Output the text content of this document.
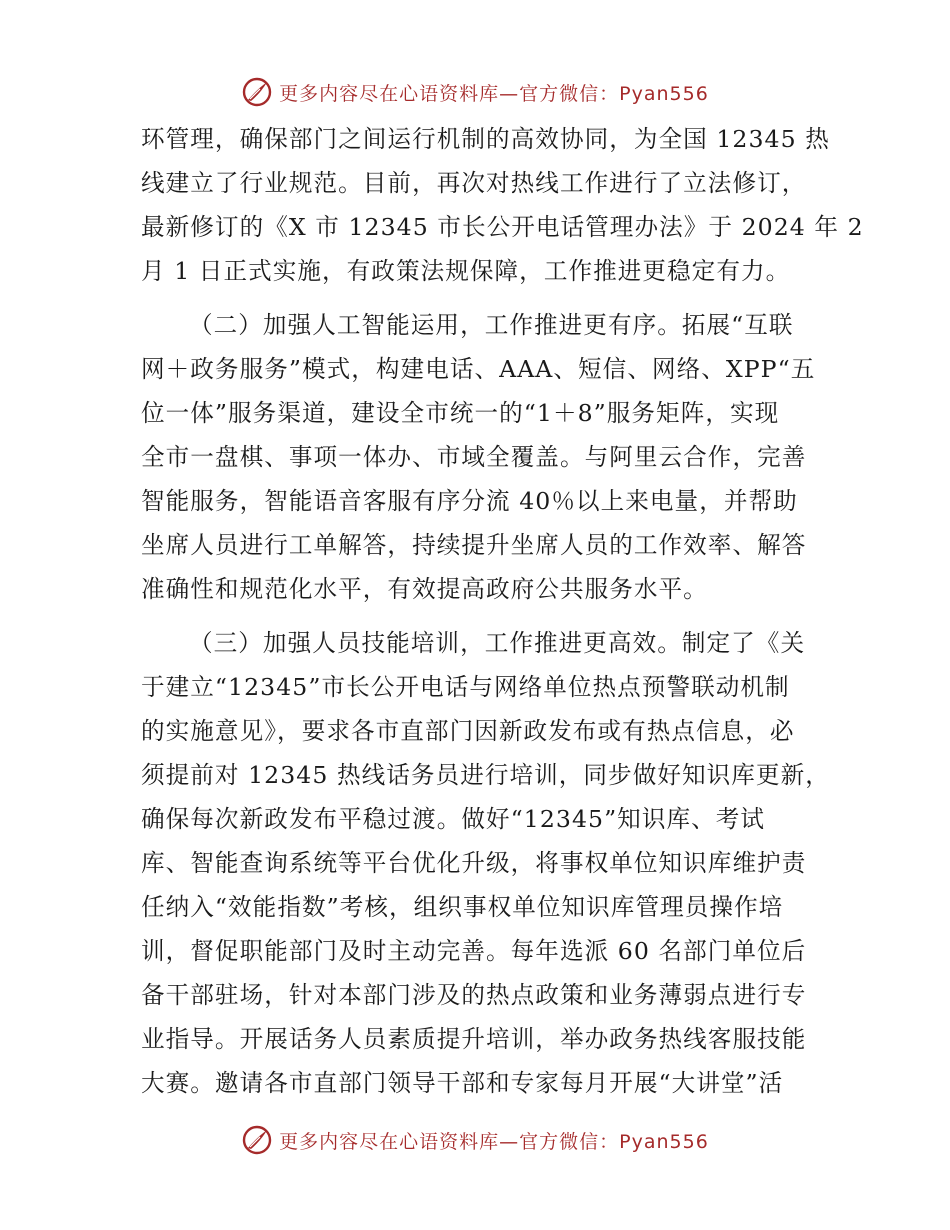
更多内容尽在心语资料库—官方微信：Pyan556
环管理，确保部门之间运行机制的高效协同，为全国 12345 热
线建立了行业规范。目前，再次对热线工作进行了立法修订，
最新修订的《X 市 12345 市长公开电话管理办法》于 2024 年 2
月 1 日正式实施，有政策法规保障，工作推进更稳定有力。
（二）加强人工智能运用，工作推进更有序。拓展“互联
网＋政务服务”模式，构建电话、AAA、短信、网络、XPP“五
位一体”服务渠道，建设全市统一的“1＋8”服务矩阵，实现
全市一盘棋、事项一体办、市域全覆盖。与阿里云合作，完善
智能服务，智能语音客服有序分流 40％以上来电量，并帮助
坐席人员进行工单解答，持续提升坐席人员的工作效率、解答
准确性和规范化水平，有效提高政府公共服务水平。
（三）加强人员技能培训，工作推进更高效。制定了《关
于建立“12345”市长公开电话与网络单位热点预警联动机制
的实施意见》，要求各市直部门因新政发布或有热点信息，必
须提前对 12345 热线话务员进行培训，同步做好知识库更新，
确保每次新政发布平稳过渡。做好“12345”知识库、考试
库、智能查询系统等平台优化升级，将事权单位知识库维护责
任纳入“效能指数”考核，组织事权单位知识库管理员操作培
训，督促职能部门及时主动完善。每年选派 60 名部门单位后
备干部驻场，针对本部门涉及的热点政策和业务薄弱点进行专
业指导。开展话务人员素质提升培训，举办政务热线客服技能
大赛。邀请各市直部门领导干部和专家每月开展“大讲堂”活
更多内容尽在心语资料库—官方微信：Pyan556
